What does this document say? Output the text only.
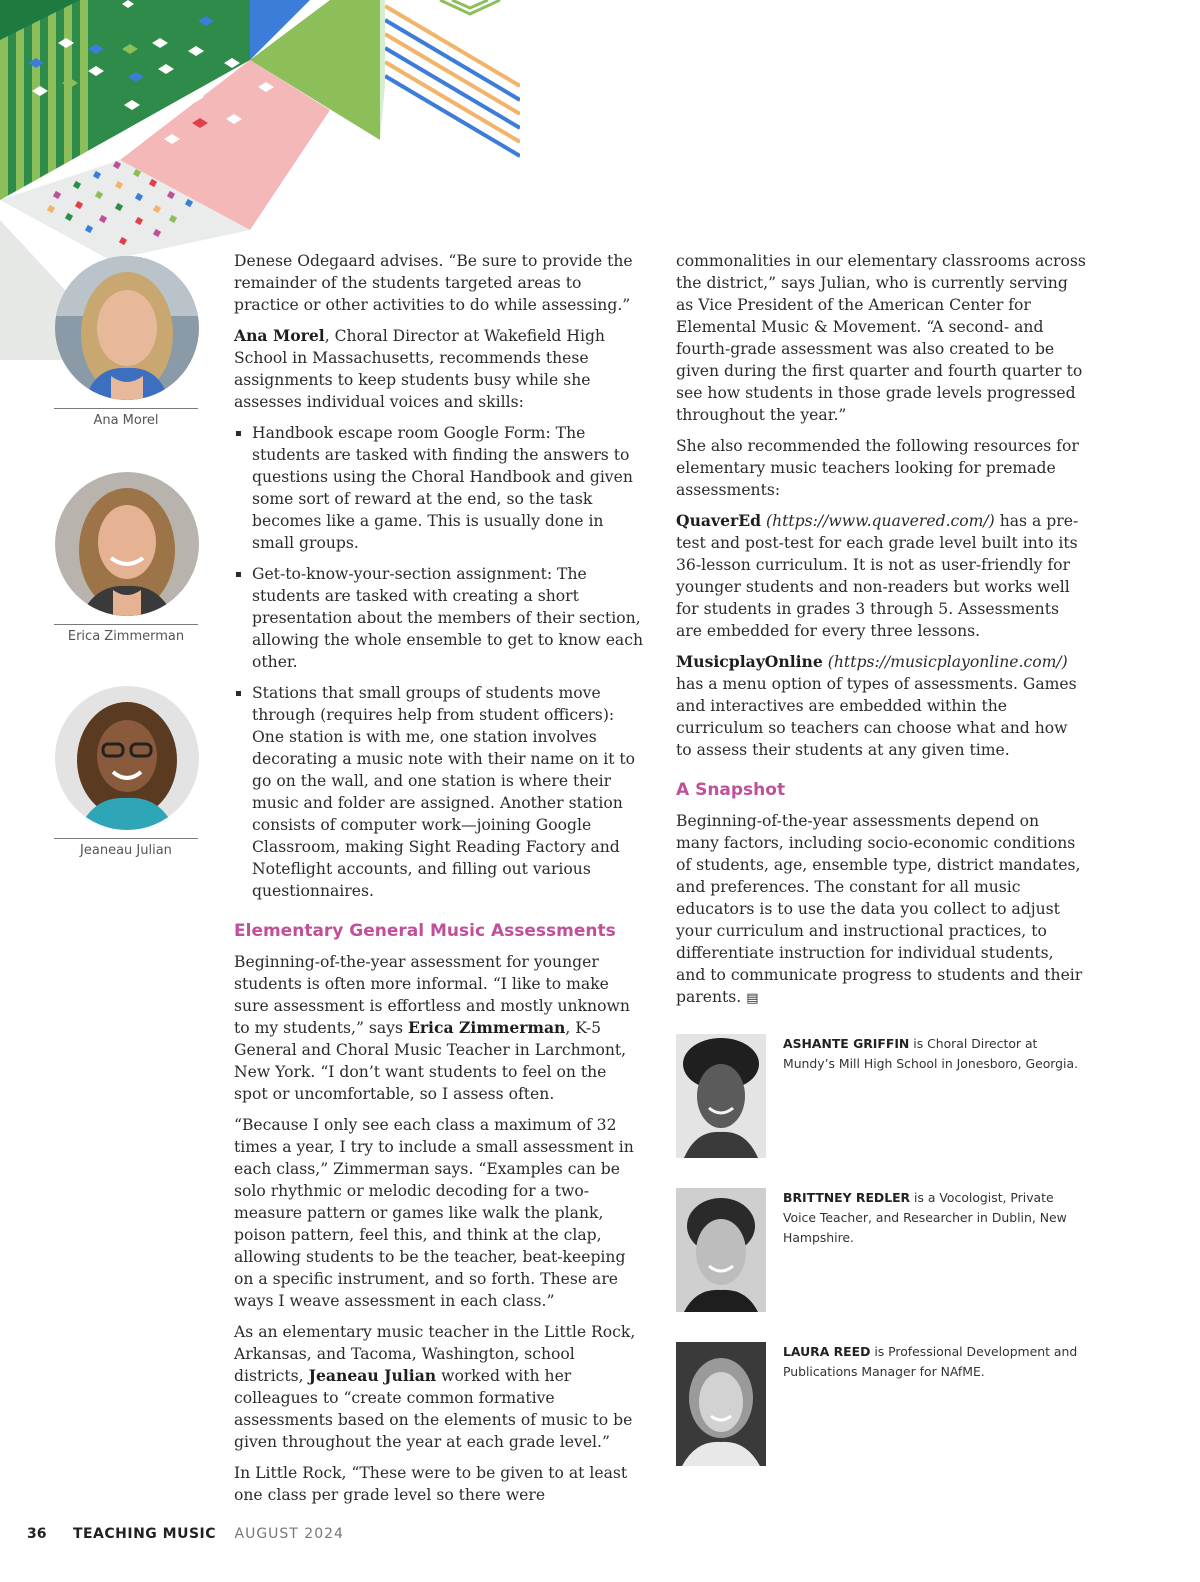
Ana Morel
Erica Zimmerman
Jeaneau Julian

Denese Odegaard advises. “Be sure to provide the remainder of the students targeted areas to practice or other activities to do while assessing.”

Ana Morel, Choral Director at Wakefield High School in Massachusetts, recommends these assignments to keep students busy while she assesses individual voices and skills:

Handbook escape room Google Form: The students are tasked with finding the answers to questions using the Choral Handbook and given some sort of reward at the end, so the task becomes like a game. This is usually done in small groups.
Get-to-know-your-section assignment: The students are tasked with creating a short presentation about the members of their section, allowing the whole ensemble to get to know each other.
Stations that small groups of students move through (requires help from student officers): One station is with me, one station involves decorating a music note with their name on it to go on the wall, and one station is where their music and folder are assigned. Another station consists of computer work—joining Google Classroom, making Sight Reading Factory and Noteflight accounts, and filling out various questionnaires.
Elementary General Music Assessments

Beginning-of-the-year assessment for younger students is often more informal. “I like to make sure assessment is effortless and mostly unknown to my students,” says Erica Zimmerman, K-5 General and Choral Music Teacher in Larchmont, New York. “I don’t want students to feel on the spot or uncomfortable, so I assess often.

“Because I only see each class a maximum of 32 times a year, I try to include a small assessment in each class,” Zimmerman says. “Examples can be solo rhythmic or melodic decoding for a two-measure pattern or games like walk the plank, poison pattern, feel this, and think at the clap, allowing students to be the teacher, beat-keeping on a specific instrument, and so forth. These are ways I weave assessment in each class.”

As an elementary music teacher in the Little Rock, Arkansas, and Tacoma, Washington, school districts, Jeaneau Julian worked with her colleagues to “create common formative assessments based on the elements of music to be given throughout the year at each grade level.”

In Little Rock, “These were to be given to at least one class per grade level so there were

commonalities in our elementary classrooms across the district,” says Julian, who is currently serving as Vice President of the American Center for Elemental Music & Movement. “A second- and fourth-grade assessment was also created to be given during the first quarter and fourth quarter to see how students in those grade levels progressed throughout the year.”

She also recommended the following resources for elementary music teachers looking for premade assessments:

QuaverEd (https://www.quavered.com/) has a pre-test and post-test for each grade level built into its 36-lesson curriculum. It is not as user-friendly for younger students and non-readers but works well for students in grades 3 through 5. Assessments are embedded for every three lessons.

MusicplayOnline (https://musicplayonline.com/) has a menu option of types of assessments. Games and interactives are embedded within the curriculum so teachers can choose what and how to assess their students at any given time.

A Snapshot

Beginning-of-the-year assessments depend on many factors, including socio-economic conditions of students, age, ensemble type, district mandates, and preferences. The constant for all music educators is to use the data you collect to adjust your curriculum and instructional practices, to differentiate instruction for individual students, and to communicate progress to students and their parents. ▤

ASHANTE GRIFFIN is Choral Director at Mundy’s Mill High School in Jonesboro, Georgia.
BRITTNEY REDLER is a Vocologist, Private Voice Teacher, and Researcher in Dublin, New Hampshire.
LAURA REED is Professional Development and Publications Manager for NAfME.
36 TEACHING MUSIC AUGUST 2024
